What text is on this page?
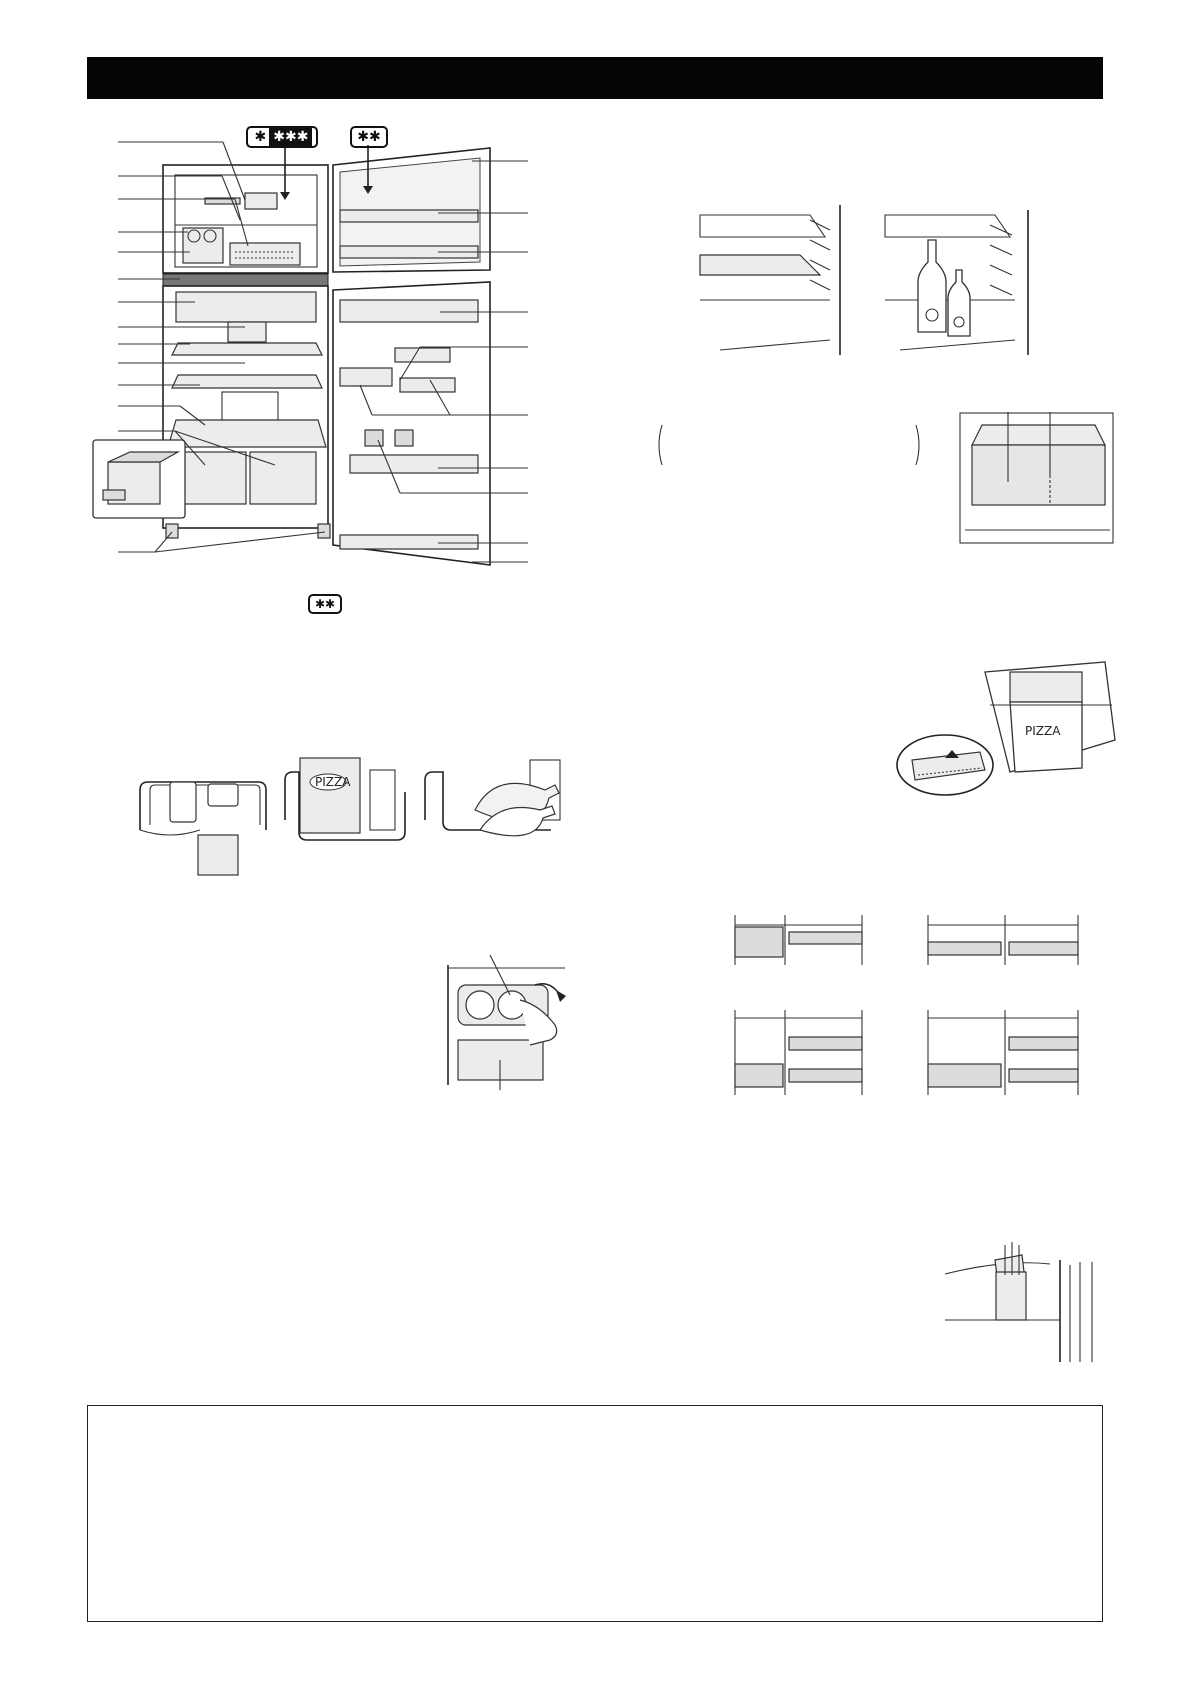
✱ ✱✱✱	✱✱
✱✱
PIZZA
PIZZA
